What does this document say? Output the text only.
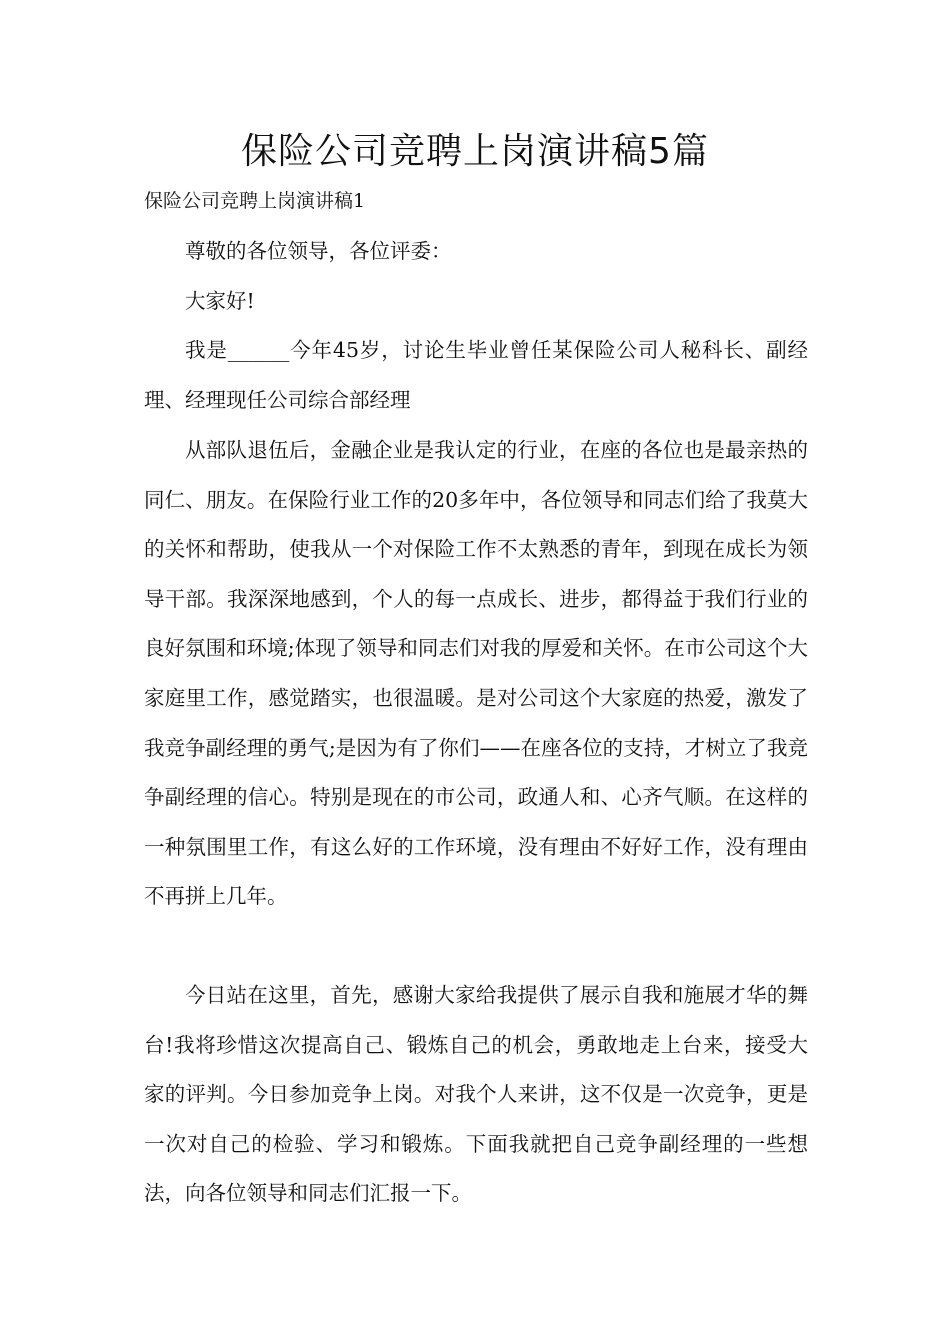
保险公司竞聘上岗演讲稿5篇

保险公司竞聘上岗演讲稿1

尊敬的各位领导，各位评委：

大家好!

我是______今年45岁，讨论生毕业曾任某保险公司人秘科长、副经理、经理现任公司综合部经理

从部队退伍后，金融企业是我认定的行业，在座的各位也是最亲热的同仁、朋友。在保险行业工作的20多年中，各位领导和同志们给了我莫大的关怀和帮助，使我从一个对保险工作不太熟悉的青年，到现在成长为领导干部。我深深地感到，个人的每一点成长、进步，都得益于我们行业的良好氛围和环境;体现了领导和同志们对我的厚爱和关怀。在市公司这个大家庭里工作，感觉踏实，也很温暖。是对公司这个大家庭的热爱，激发了我竞争副经理的勇气;是因为有了你们——在座各位的支持，才树立了我竞争副经理的信心。特别是现在的市公司，政通人和、心齐气顺。在这样的一种氛围里工作，有这么好的工作环境，没有理由不好好工作，没有理由不再拼上几年。

今日站在这里，首先，感谢大家给我提供了展示自我和施展才华的舞台!我将珍惜这次提高自己、锻炼自己的机会，勇敢地走上台来，接受大家的评判。今日参加竞争上岗。对我个人来讲，这不仅是一次竞争，更是一次对自己的检验、学习和锻炼。下面我就把自己竞争副经理的一些想法，向各位领导和同志们汇报一下。
